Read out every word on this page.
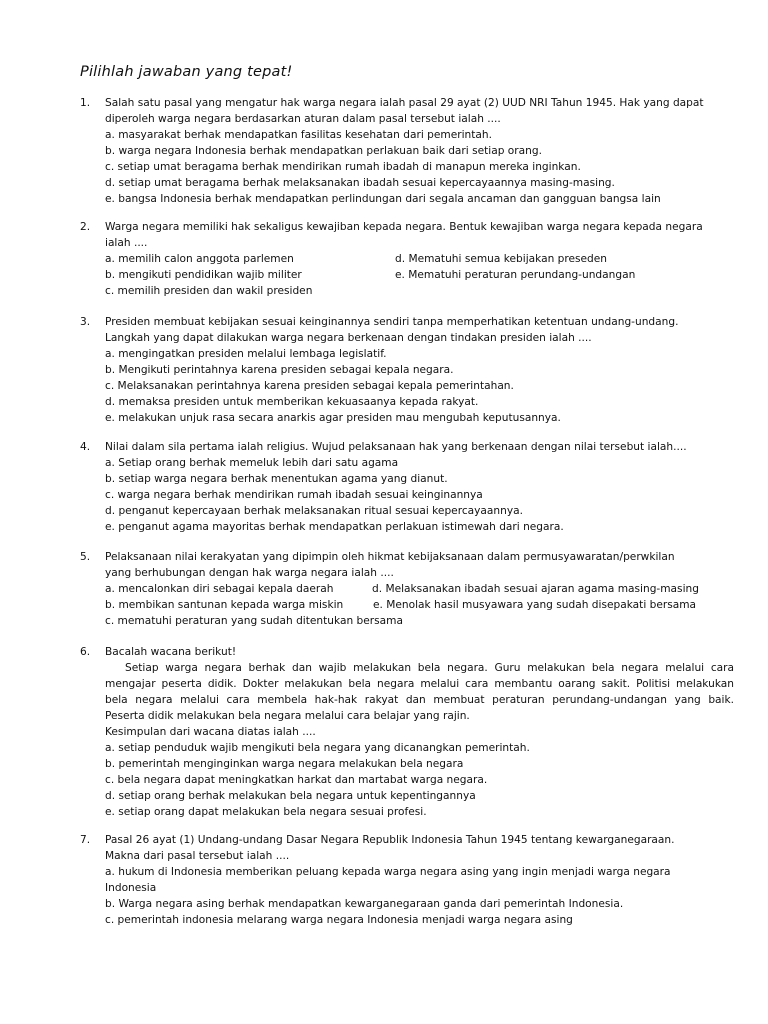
Pilihlah jawaban yang tepat!
1. Salah satu pasal yang mengatur hak warga negara ialah pasal 29 ayat (2) UUD NRI Tahun 1945. Hak yang dapat
diperoleh warga negara berdasarkan aturan dalam pasal tersebut ialah ....
a. masyarakat berhak mendapatkan fasilitas kesehatan dari pemerintah.
b. warga negara Indonesia berhak mendapatkan perlakuan baik dari setiap orang.
c. setiap umat beragama berhak mendirikan rumah ibadah di manapun mereka inginkan.
d. setiap umat beragama berhak melaksanakan ibadah sesuai kepercayaannya masing-masing.
e. bangsa Indonesia berhak mendapatkan perlindungan dari segala ancaman dan gangguan bangsa lain
2. Warga negara memiliki hak sekaligus kewajiban kepada negara. Bentuk kewajiban warga negara kepada negara
ialah ....
a. memilih calon anggota parlemen	d. Mematuhi semua kebijakan preseden
b. mengikuti pendidikan wajib militer	e. Mematuhi peraturan perundang-undangan
c. memilih presiden dan wakil presiden
3. Presiden membuat kebijakan sesuai keinginannya sendiri tanpa memperhatikan ketentuan undang-undang.
Langkah yang dapat dilakukan warga negara berkenaan dengan tindakan presiden ialah ....
a. mengingatkan presiden melalui lembaga legislatif.
b. Mengikuti perintahnya karena presiden sebagai kepala negara.
c. Melaksanakan perintahnya karena presiden sebagai kepala pemerintahan.
d. memaksa presiden untuk memberikan kekuasaanya kepada rakyat.
e. melakukan unjuk rasa secara anarkis agar presiden mau mengubah keputusannya.
4. Nilai dalam sila pertama ialah religius. Wujud pelaksanaan hak yang berkenaan dengan nilai tersebut ialah....
a. Setiap orang berhak memeluk lebih dari satu agama
b. setiap warga negara berhak menentukan agama yang dianut.
c. warga negara berhak mendirikan rumah ibadah sesuai keinginannya
d. penganut kepercayaan berhak melaksanakan ritual sesuai kepercayaannya.
e. penganut agama mayoritas berhak mendapatkan perlakuan istimewah dari negara.
5. Pelaksanaan nilai kerakyatan yang dipimpin oleh hikmat kebijaksanaan dalam permusyawaratan/perwkilan
yang berhubungan dengan hak warga negara ialah ....
a. mencalonkan diri sebagai kepala daerah	d. Melaksanakan ibadah sesuai ajaran agama masing-masing
b. membikan santunan kepada warga miskin	e. Menolak hasil musyawara yang sudah disepakati bersama
c. mematuhi peraturan yang sudah ditentukan bersama
6. Bacalah wacana berikut!
Setiap warga negara berhak dan wajib melakukan bela negara. Guru melakukan bela negara melalui cara
mengajar peserta didik. Dokter melakukan bela negara melalui cara membantu oarang sakit. Politisi melakukan
bela negara melalui cara membela hak-hak rakyat dan membuat peraturan perundang-undangan yang baik.
Peserta didik melakukan bela negara melalui cara belajar yang rajin.
Kesimpulan dari wacana diatas ialah ....
a. setiap penduduk wajib mengikuti bela negara yang dicanangkan pemerintah.
b. pemerintah menginginkan warga negara melakukan bela negara
c. bela negara dapat meningkatkan harkat dan martabat warga negara.
d. setiap orang berhak melakukan bela negara untuk kepentingannya
e. setiap orang dapat melakukan bela negara sesuai profesi.
7. Pasal 26 ayat (1) Undang-undang Dasar Negara Republik Indonesia Tahun 1945 tentang kewarganegaraan.
Makna dari pasal tersebut ialah ....
a. hukum di Indonesia memberikan peluang kepada warga negara asing yang ingin menjadi warga negara
Indonesia
b. Warga negara asing berhak mendapatkan kewarganegaraan ganda dari pemerintah Indonesia.
c. pemerintah indonesia melarang warga negara Indonesia menjadi warga negara asing
